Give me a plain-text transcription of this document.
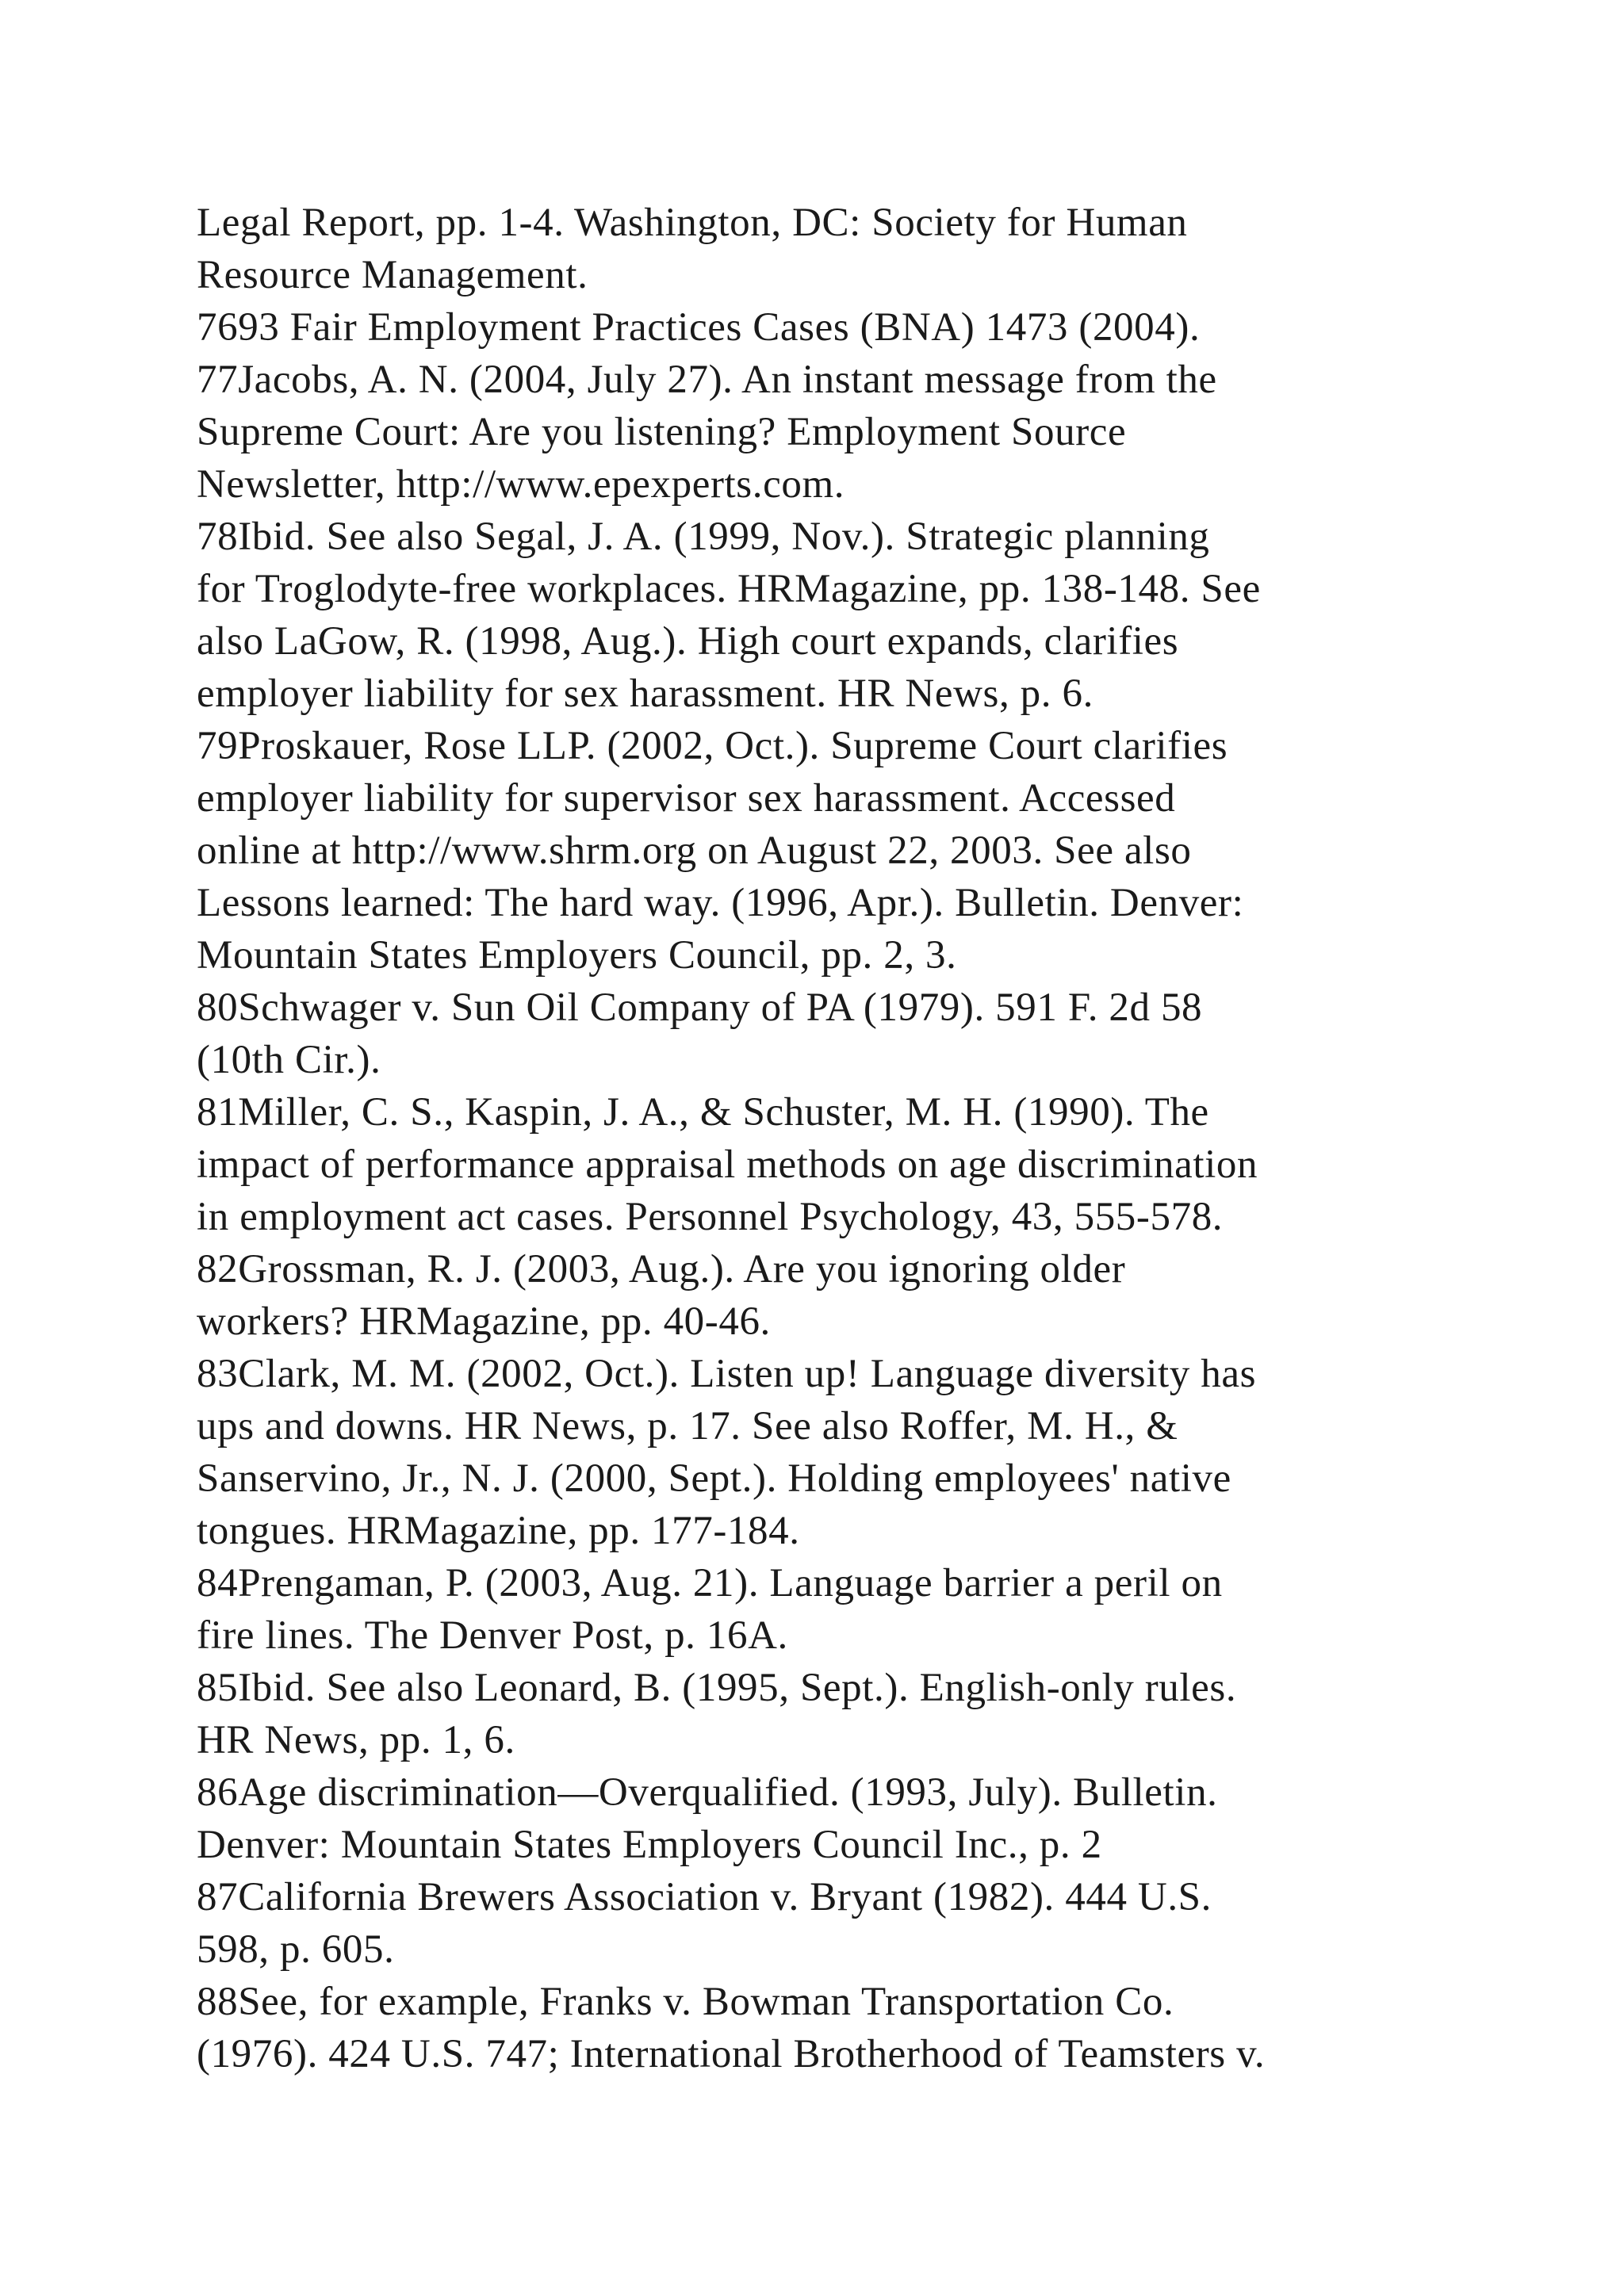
Legal Report, pp. 1-4. Washington, DC: Society for Human
Resource Management.
7693 Fair Employment Practices Cases (BNA) 1473 (2004).
77Jacobs, A. N. (2004, July 27). An instant message from the
Supreme Court: Are you listening? Employment Source
Newsletter, http://www.epexperts.com.
78Ibid. See also Segal, J. A. (1999, Nov.). Strategic planning
for Troglodyte-free workplaces. HRMagazine, pp. 138-148. See
also LaGow, R. (1998, Aug.). High court expands, clarifies
employer liability for sex harassment. HR News, p. 6.
79Proskauer, Rose LLP. (2002, Oct.). Supreme Court clarifies
employer liability for supervisor sex harassment. Accessed
online at http://www.shrm.org on August 22, 2003. See also
Lessons learned: The hard way. (1996, Apr.). Bulletin. Denver:
Mountain States Employers Council, pp. 2, 3.
80Schwager v. Sun Oil Company of PA (1979). 591 F. 2d 58
(10th Cir.).
81Miller, C. S., Kaspin, J. A., & Schuster, M. H. (1990). The
impact of performance appraisal methods on age discrimination
in employment act cases. Personnel Psychology, 43, 555-578.
82Grossman, R. J. (2003, Aug.). Are you ignoring older
workers? HRMagazine, pp. 40-46.
83Clark, M. M. (2002, Oct.). Listen up! Language diversity has
ups and downs. HR News, p. 17. See also Roffer, M. H., &
Sanservino, Jr., N. J. (2000, Sept.). Holding employees' native
tongues. HRMagazine, pp. 177-184.
84Prengaman, P. (2003, Aug. 21). Language barrier a peril on
fire lines. The Denver Post, p. 16A.
85Ibid. See also Leonard, B. (1995, Sept.). English-only rules.
HR News, pp. 1, 6.
86Age discrimination—Overqualified. (1993, July). Bulletin.
Denver: Mountain States Employers Council Inc., p. 2
87California Brewers Association v. Bryant (1982). 444 U.S.
598, p. 605.
88See, for example, Franks v. Bowman Transportation Co.
(1976). 424 U.S. 747; International Brotherhood of Teamsters v.
